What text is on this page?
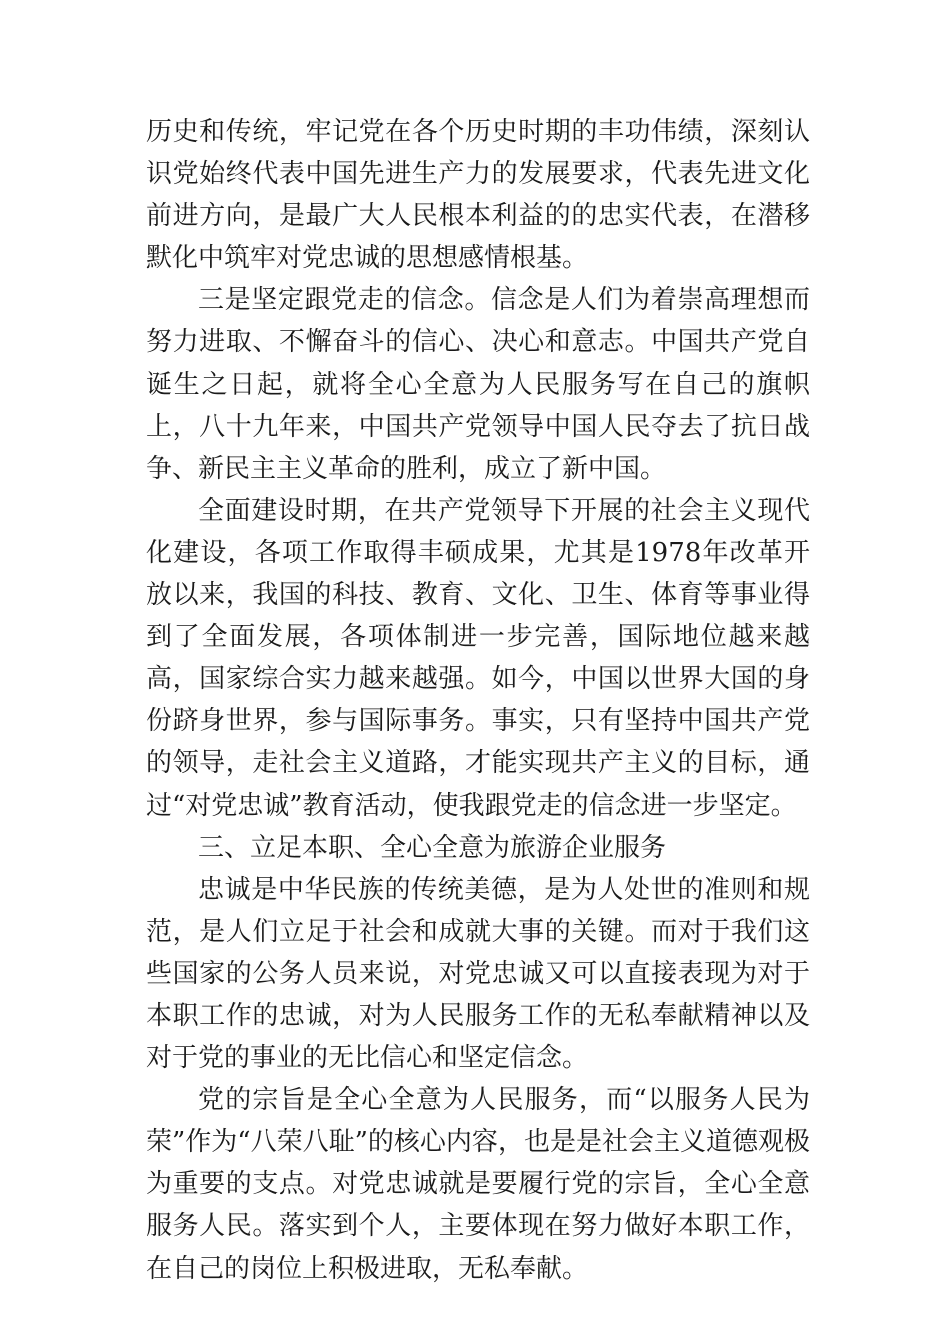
历史和传统，牢记党在各个历史时期的丰功伟绩，深刻认识党始终代表中国先进生产力的发展要求，代表先进文化前进方向，是最广大人民根本利益的的忠实代表，在潜移默化中筑牢对党忠诚的思想感情根基。

三是坚定跟党走的信念。信念是人们为着崇高理想而努力进取、不懈奋斗的信心、决心和意志。中国共产党自诞生之日起，就将全心全意为人民服务写在自己的旗帜上，八十九年来，中国共产党领导中国人民夺去了抗日战争、新民主主义革命的胜利，成立了新中国。

全面建设时期，在共产党领导下开展的社会主义现代化建设，各项工作取得丰硕成果，尤其是1978年改革开放以来，我国的科技、教育、文化、卫生、体育等事业得到了全面发展，各项体制进一步完善，国际地位越来越高，国家综合实力越来越强。如今，中国以世界大国的身份跻身世界，参与国际事务。事实，只有坚持中国共产党的领导，走社会主义道路，才能实现共产主义的目标，通过“对党忠诚”教育活动，使我跟党走的信念进一步坚定。

三、立足本职、全心全意为旅游企业服务

忠诚是中华民族的传统美德，是为人处世的准则和规范，是人们立足于社会和成就大事的关键。而对于我们这些国家的公务人员来说，对党忠诚又可以直接表现为对于本职工作的忠诚，对为人民服务工作的无私奉献精神以及对于党的事业的无比信心和坚定信念。

党的宗旨是全心全意为人民服务，而“以服务人民为荣”作为“八荣八耻”的核心内容，也是是社会主义道德观极为重要的支点。对党忠诚就是要履行党的宗旨，全心全意服务人民。落实到个人，主要体现在努力做好本职工作，在自己的岗位上积极进取，无私奉献。
